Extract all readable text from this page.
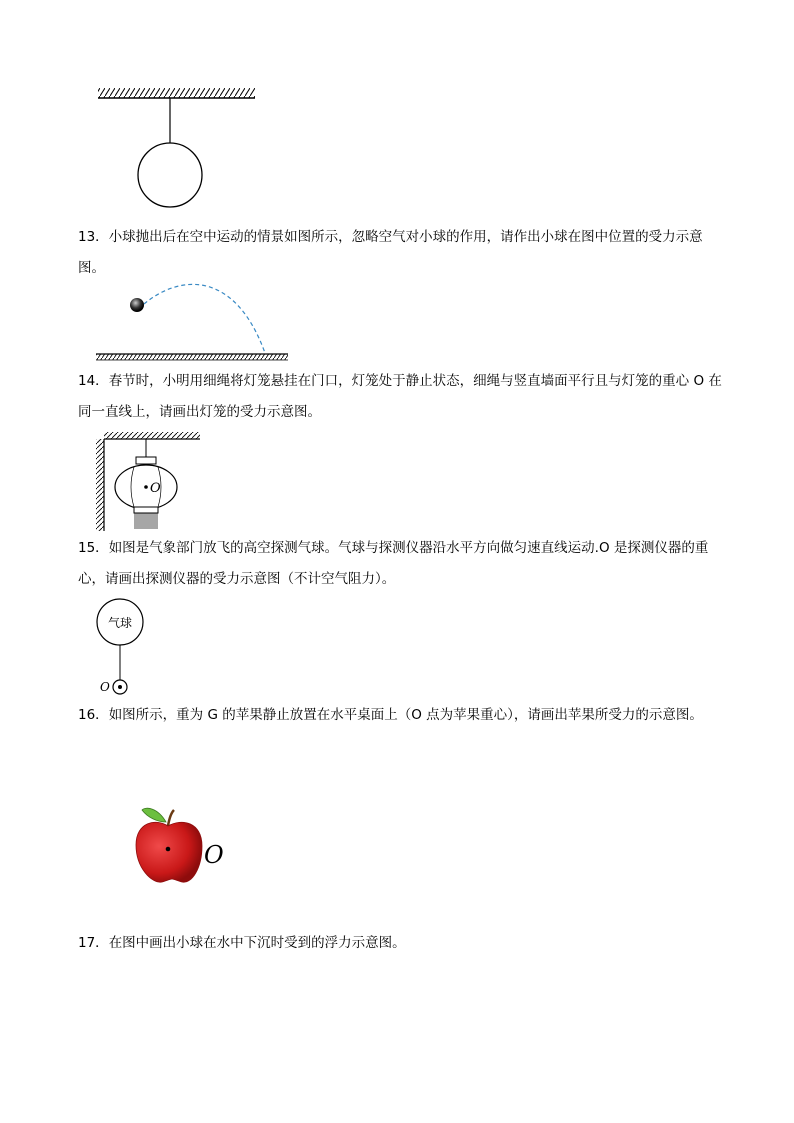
13．小球抛出后在空中运动的情景如图所示，忽略空气对小球的作用，请作出小球在图中位置的受力示意图。
14．春节时，小明用细绳将灯笼悬挂在门口，灯笼处于静止状态，细绳与竖直墙面平行且与灯笼的重心 O 在同一直线上，请画出灯笼的受力示意图。
O
15．如图是气象部门放飞的高空探测气球。气球与探测仪器沿水平方向做匀速直线运动.O 是探测仪器的重心，请画出探测仪器的受力示意图（不计空气阻力）。
气球
O
16．如图所示，重为 G 的苹果静止放置在水平桌面上（O 点为苹果重心），请画出苹果所受力的示意图。
O
17．在图中画出小球在水中下沉时受到的浮力示意图。
